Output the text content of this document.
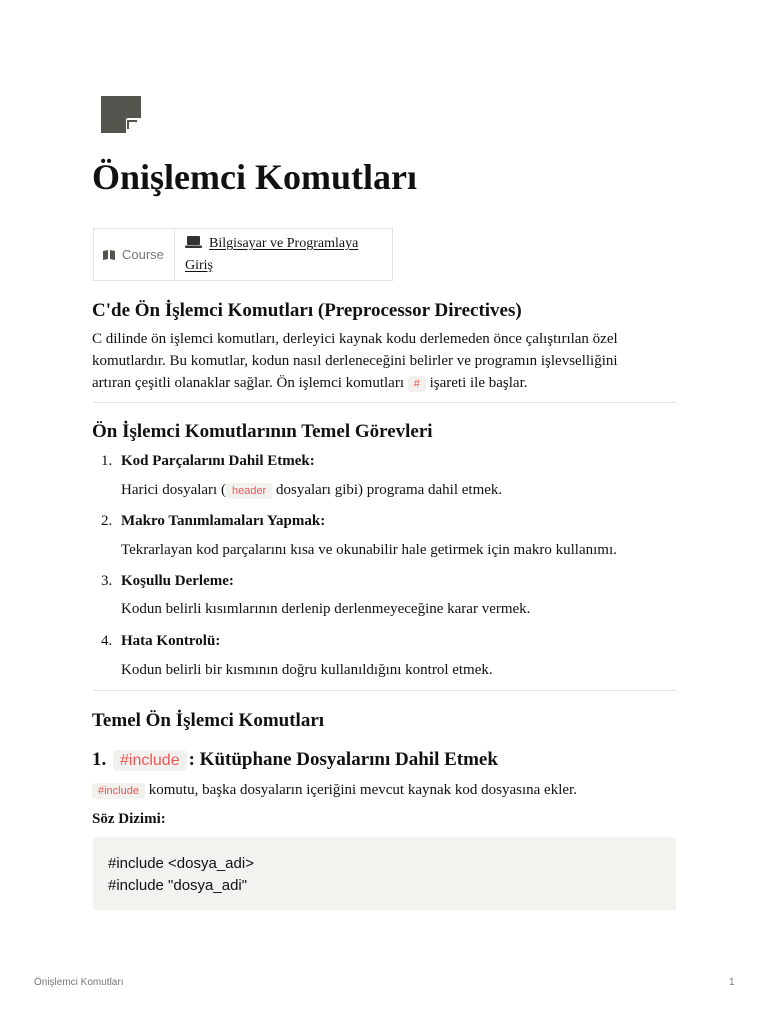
Önişlemci Komutları
Course
Bilgisayar ve Programlaya
Giriş
C'de Ön İşlemci Komutları (Preprocessor Directives)
C dilinde ön işlemci komutları, derleyici kaynak kodu derlemeden önce çalıştırılan özel
komutlardır. Bu komutlar, kodun nasıl derleneceğini belirler ve programın işlevselliğini
artıran çeşitli olanaklar sağlar. Ön işlemci komutları # işareti ile başlar.
Ön İşlemci Komutlarının Temel Görevleri
1. Kod Parçalarını Dahil Etmek:
Harici dosyaları ( header dosyaları gibi) programa dahil etmek.
2. Makro Tanımlamaları Yapmak:
Tekrarlayan kod parçalarını kısa ve okunabilir hale getirmek için makro kullanımı.
3. Koşullu Derleme:
Kodun belirli kısımlarının derlenip derlenmeyeceğine karar vermek.
4. Hata Kontrolü:
Kodun belirli bir kısmının doğru kullanıldığını kontrol etmek.
Temel Ön İşlemci Komutları
1. #include : Kütüphane Dosyalarını Dahil Etmek
#include komutu, başka dosyaların içeriğini mevcut kaynak kod dosyasına ekler.
Söz Dizimi:
#include <dosya_adi>
#include "dosya_adi"
Önişlemci Komutları	1
